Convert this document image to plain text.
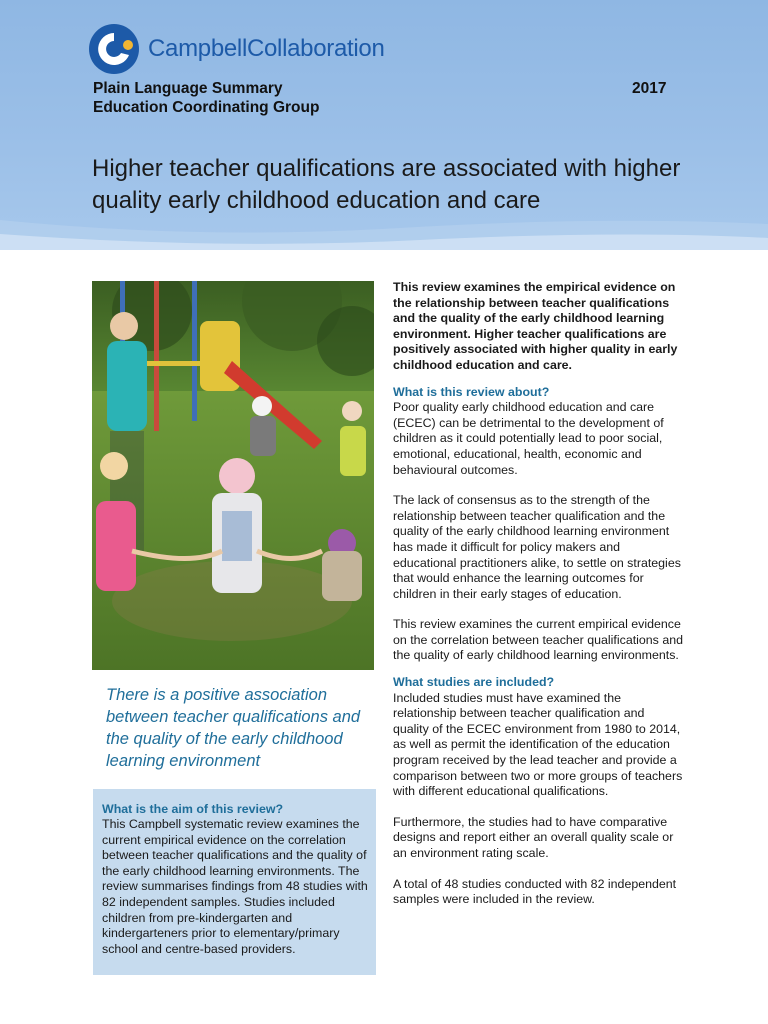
CampbellCollaboration
Plain Language Summary
Education Coordinating Group
2017
Higher teacher qualifications are associated with higher quality early childhood education and care
There is a positive association between teacher qualifications and the quality of the early childhood learning environment
What is the aim of this review?
This Campbell systematic review examines the current empirical evidence on the correlation between teacher qualifications and the quality of the early childhood learning environments. The review summarises findings from 48 studies with 82 independent samples. Studies included children from pre-kindergarten and kindergarteners prior to elementary/primary school and centre-based providers.
This review examines the empirical evidence on the relationship between teacher qualifications and the quality of the early childhood learning environment. Higher teacher qualifications are positively associated with higher quality in early childhood education and care.
What is this review about?
Poor quality early childhood education and care (ECEC) can be detrimental to the development of children as it could potentially lead to poor social, emotional, educational, health, economic and behavioural outcomes.
The lack of consensus as to the strength of the relationship between teacher qualification and the quality of the early childhood learning environment has made it difficult for policy makers and educational practitioners alike, to settle on strategies that would enhance the learning outcomes for children in their early stages of education.
This review examines the current empirical evidence on the correlation between teacher qualifications and the quality of early childhood learning environments.
What studies are included?
Included studies must have examined the relationship between teacher qualification and quality of the ECEC environment from 1980 to 2014, as well as permit the identification of the education program received by the lead teacher and provide a comparison between two or more groups of teachers with different educational qualifications.
Furthermore, the studies had to have comparative designs and report either an overall quality scale or an environment rating scale.
A total of 48 studies conducted with 82 independent samples were included in the review.
